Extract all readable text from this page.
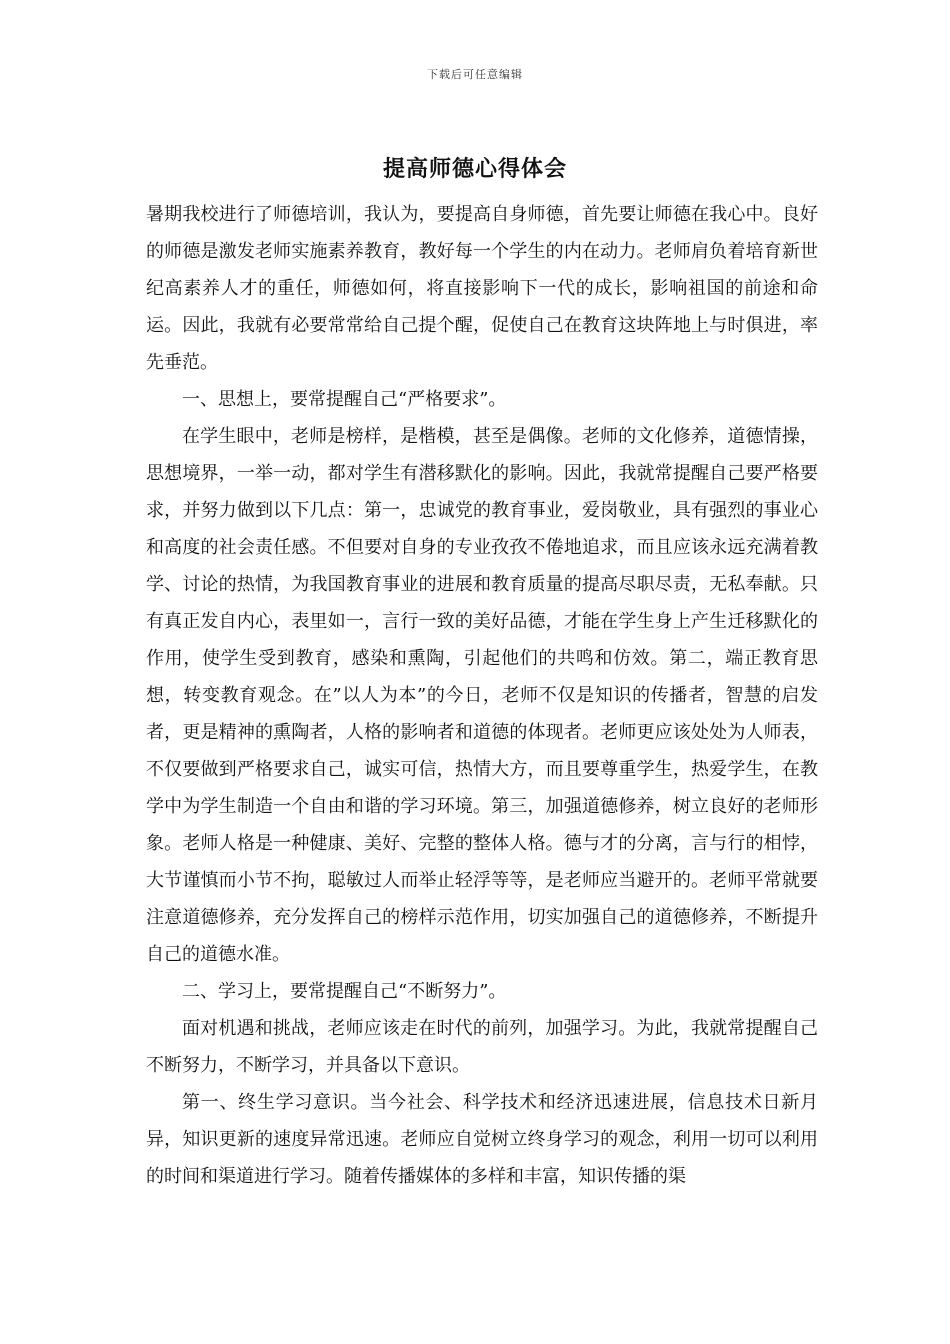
下载后可任意编辑
提高师德心得体会

暑期我校进行了师德培训，我认为，要提高自身师德，首先要让师德在我心中。良好的师德是激发老师实施素养教育，教好每一个学生的内在动力。老师肩负着培育新世纪高素养人才的重任，师德如何，将直接影响下一代的成长，影响祖国的前途和命运。因此，我就有必要常常给自己提个醒，促使自己在教育这块阵地上与时俱进，率先垂范。

一、思想上，要常提醒自己“严格要求”。

在学生眼中，老师是榜样，是楷模，甚至是偶像。老师的文化修养，道德情操，思想境界，一举一动，都对学生有潜移默化的影响。因此，我就常提醒自己要严格要求，并努力做到以下几点：第一，忠诚党的教育事业，爱岗敬业，具有强烈的事业心和高度的社会责任感。不但要对自身的专业孜孜不倦地追求，而且应该永远充满着教学、讨论的热情，为我国教育事业的进展和教育质量的提高尽职尽责，无私奉献。只有真正发自内心，表里如一，言行一致的美好品德，才能在学生身上产生迁移默化的作用，使学生受到教育，感染和熏陶，引起他们的共鸣和仿效。第二，端正教育思想，转变教育观念。在”以人为本”的今日，老师不仅是知识的传播者，智慧的启发者，更是精神的熏陶者，人格的影响者和道德的体现者。老师更应该处处为人师表，不仅要做到严格要求自己，诚实可信，热情大方，而且要尊重学生，热爱学生，在教学中为学生制造一个自由和谐的学习环境。第三，加强道德修养，树立良好的老师形象。老师人格是一种健康、美好、完整的整体人格。德与才的分离，言与行的相悖，大节谨慎而小节不拘，聪敏过人而举止轻浮等等，是老师应当避开的。老师平常就要注意道德修养，充分发挥自己的榜样示范作用，切实加强自己的道德修养，不断提升自己的道德水准。

二、学习上，要常提醒自己“不断努力”。

面对机遇和挑战，老师应该走在时代的前列，加强学习。为此，我就常提醒自己不断努力，不断学习，并具备以下意识。

第一、终生学习意识。当今社会、科学技术和经济迅速进展，信息技术日新月异，知识更新的速度异常迅速。老师应自觉树立终身学习的观念，利用一切可以利用的时间和渠道进行学习。随着传播媒体的多样和丰富，知识传播的渠
